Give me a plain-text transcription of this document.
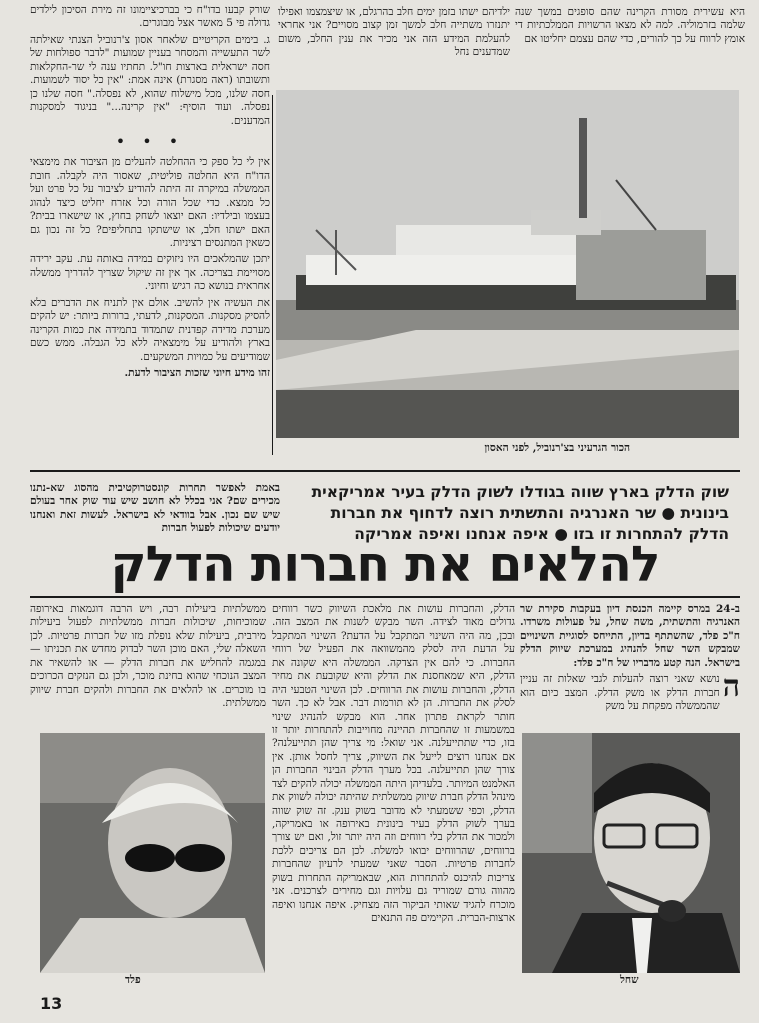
היא עשירית מסורת הקרינה שהם סופגים במשך שנה שלמה בזרמוליה. למה לא מצאו הרשויות הממלכתיות די אומץ לרווח על כך להורים, כדי שהם עצמם יחליטו אם
ילדיהם ישתו בזמן ימים חלב בהרגלם, או שיצמצמו ואפילו יתנזרו משתייה חלב למשך זמן קצוב מסויים? אני אחראי להעלמת המידע הזה אני מכיר את ענין החלב, משום שמדענים נחל

שורק קבעו בדו"ח כי בברכיציימונו זה מירת הסיכון לילדים גדולה פי 5 מאשר אצל מבוגרים.

ג. בימים הקריטיים שלאחר אסון צ'רנוביל הצגתי שאילתה לשר התעשייה והמסחר בעניין שמועות "לדבר ספולחות של חסה ישראלית בארצות חו"ל. תחתיו ענה לי שר-החקלאות ותשובתו (ראה מסגרת) אינה אמת: "אין כל יסוד לשמועות. חסה שלנו, מכל מישלוח שהוא, לא נפסלה." חסה שלנו כן נפסלה. ועוד הוסיף: "אין קרינה..." בניגוד למסקנות המדענים.

• • •

אין לי כל ספק כי ההחלטה להעלים מן הציבור את מימצאי הדו"ח היא החלטה פוליטית, שאסור היה לקבלה. חובת הממשלה במיקרה זה היתה להודיע לציבור על כל פרט ועל כל ממצא. כדי שכל הורה וכל אזרח יחליט כיצד לנהוג בעצמו ובילדיו: האם יוצאו לשחק בחוץ, או שישארו בבית? האם ישתו חלב, או שישתקו בתחליפים? כל זה נכון גם כשאין המתנסים רציניות.

יתכן שהמלאכים היו ניזוקים במידה באותה עת. עקב ירידה מסויימת בצריכה. אך אין זה שיקול שצריך להדריך ממשלה אחראית בנושא כה רגיש וחיוני.

את העשיה אין להשיב. אולם אין לתניח את הדברים בלא להסיק מסקנות. המסקנות, לדעתי, ברורות ביותר: יש להקים מערכת מדידה קפדנית שתמדוד בתמידה את כמות הקרינה בארץ ולהודיע על מימצאיה ללא כל הגבלה. ממש כשם שמודיעים על כמויות המשקעים.

זהו מידע חיוני שזכות הציבור לדעת.

הכור הגרעיני בצ'רנוביל, לפני האסון
שוק הדלק בארץ שווה בגודלו לשוק הדלק בעיר אמריקאית בינונית ● שר האנרגיה והתשתית רוצה לדחוף את חברות הדלק להתחרות זו בזו ● איפה אנחנו ואיפה אמריקה
באמת לאפשר תחרות קונסטרוקטיבית מהסוג שא-נתנו מכירים שם? אני בכלל לא חושב שיש עוד שוק אחר בעולם שיש שם נכון. אבל בוודאי לא בישראל. לעשות זאת ואנחנו יודעים שיכולות לפעול חברות
להלאים את חברות הדלק

ב-24 במרס קיימה הכנסת דיון בעקבות סקירת שר האנרגיה והתשתית, משה שחל, על פעולות משרדו. ח"כ פלד, שהשתתף בדיון, התייחס לסוגיית השינויים שמבקש השר שחל להנהיג במערכת שיווק הדלק בישראל. הנה קטע מדבריו של ח"כ פלד:

ה
נושא שאני רוצה להעלות לגבי שאלות זה עניין חברות הדלק או משק הדלק. המצב כיום הוא שהממשלה מפקחת על משק

הדלק, והחברות עושות את מלאכת השיווק כשר רווחים גדולים מאוד לצידה. השר מבקש לשנות את המצב הזה. ובכן, מה היה השינוי המתקבל על הדעת? השינוי המתקבל על הדעת היה לסלק מהמשוואה את הפעיל של רווחי החברות. כי להם אין הצדקה. הממשלה היא שקונה את הדלק, היא שמאחסנת את הדלק והיא שקובעת את מחיר הדלק, והחברות עושות את הרווחים. לכן השינוי הטבעי היה לסלק את החברות. הן לא תורמות דבר. אבל לא כך. השר חותר לקראת פתרון אחר. הוא מבקש להנהיג שינוי במשמעות זו שהחברות תהיינה מחוייבות להתחרות יותר זו בזו, כדי שתתייעלנה. אני שואל: מי צריך שהן תתייעלנה? אם אנחנו רוצים לייעל את השיווק, צריך לחסל אותן. אין צורך שהן תתייעלנה. בכל מערך הדלק הבינוי החברות הן האלמנט המיותר. בלעדיהן היתה הממשלה יכולה להקים לצד מינהל הדלק חברת שיווק ממשלתית שהיתה יכולה לשווק את הדלק, וכפי ששמעתי לא מדובר בשוק ענק. זה שוק שווה בערך לשוק הדלק בעיר בינונית באירופה או באמריקה, ולמכור את הדלק בלי רווחים וזה היה יותר זול, ואם יש צורך ברווחים, שהרווחים יבואו למשלת. לכן הם צריכים ללכת לחברות פרטיות. הסבר שאני שמעתי לרעיון שהחברות צריכות להיכנס להתחרות הוא, שבאמריקה התחרות בשוק מהווה גורם שמוריד גם עלויות וגם מחירים לצרכנים. אני מוכרח להגיד שאותי הביקור הזה מצחיק. איפה אנחנו ואיפה ארצות-הברית. הקיימים פה התנאים
ממשלתיות ביעילות רבה, ויש הרבה דוגמאות באירופה שמוכיחות, שיכולות חברות ממשלתיות לפעול ביעילות מירבית, ביעילות שלא נופלת מזו של חברות פרטיות. לכן השאלה שלי, האם מוכן השר לבדוק מחדש את תכניתו — במגמה להחליש את חברות הדלק — או להשאיר את המצב הנוכחי שהוא בחינת מוכר, ולכן גם הנזקים הכרוכים בו מוכרים. או להלאים את החברות ולהקים חברת שיווק ממשלתית.
שחל
פלד
13
